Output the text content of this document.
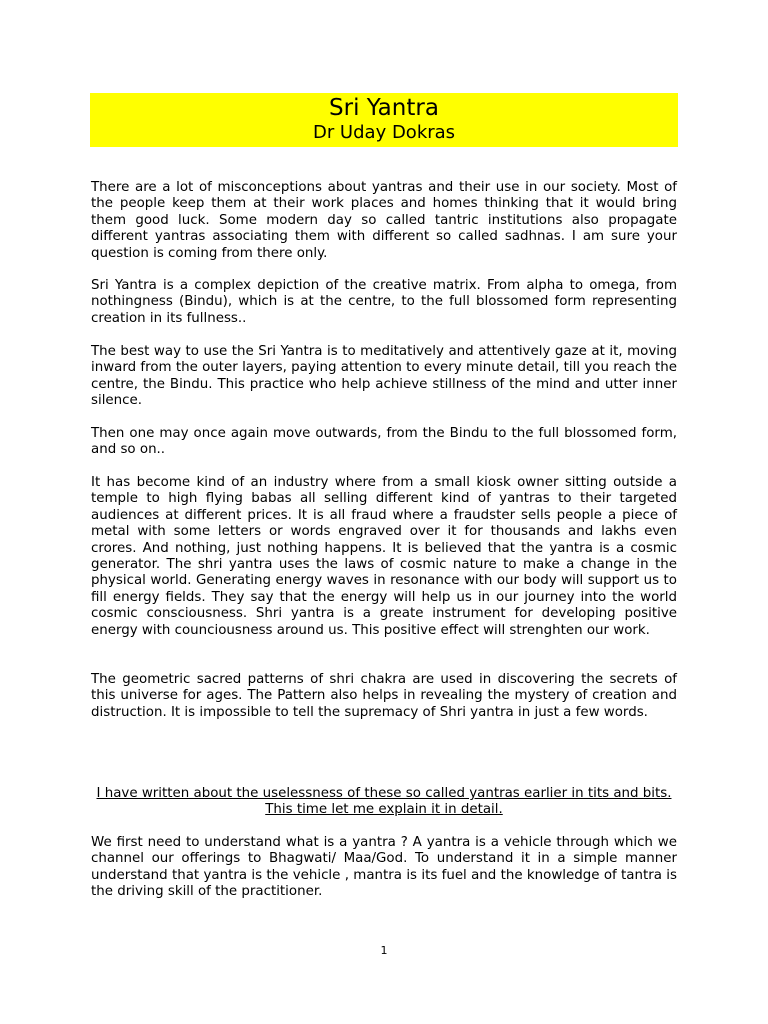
Sri Yantra
Dr Uday Dokras

There are a lot of misconceptions about yantras and their use in our society. Most of the people keep them at their work places and homes thinking that it would bring them good luck. Some modern day so called tantric institutions also propagate different yantras associating them with different so called sadhnas. I am sure your question is coming from there only.

Sri Yantra is a complex depiction of the creative matrix. From alpha to omega, from nothingness (Bindu), which is at the centre, to the full blossomed form representing creation in its fullness..

The best way to use the Sri Yantra is to meditatively and attentively gaze at it, moving inward from the outer layers, paying attention to every minute detail, till you reach the centre, the Bindu. This practice who help achieve stillness of the mind and utter inner silence.

Then one may once again move outwards, from the Bindu to the full blossomed form, and so on..

It has become kind of an industry where from a small kiosk owner sitting outside a temple to high flying babas all selling different kind of yantras to their targeted audiences at different prices. It is all fraud where a fraudster sells people a piece of metal with some letters or words engraved over it for thousands and lakhs even crores. And nothing, just nothing happens. It is believed that the yantra is a cosmic generator. The shri yantra uses the laws of cosmic nature to make a change in the physical world. Generating energy waves in resonance with our body will support us to fill energy fields. They say that the energy will help us in our journey into the world cosmic consciousness. Shri yantra is a greate instrument for developing positive energy with counciousness around us. This positive effect will strenghten our work.

The geometric sacred patterns of shri chakra are used in discovering the secrets of this universe for ages. The Pattern also helps in revealing the mystery of creation and distruction. It is impossible to tell the supremacy of Shri yantra in just a few words.

I have written about the uselessness of these so called yantras earlier in tits and bits. This time let me explain it in detail.

We first need to understand what is a yantra ? A yantra is a vehicle through which we channel our offerings to Bhagwati/ Maa/God. To understand it in a simple manner understand that yantra is the vehicle , mantra is its fuel and the knowledge of tantra is the driving skill of the practitioner.

1
